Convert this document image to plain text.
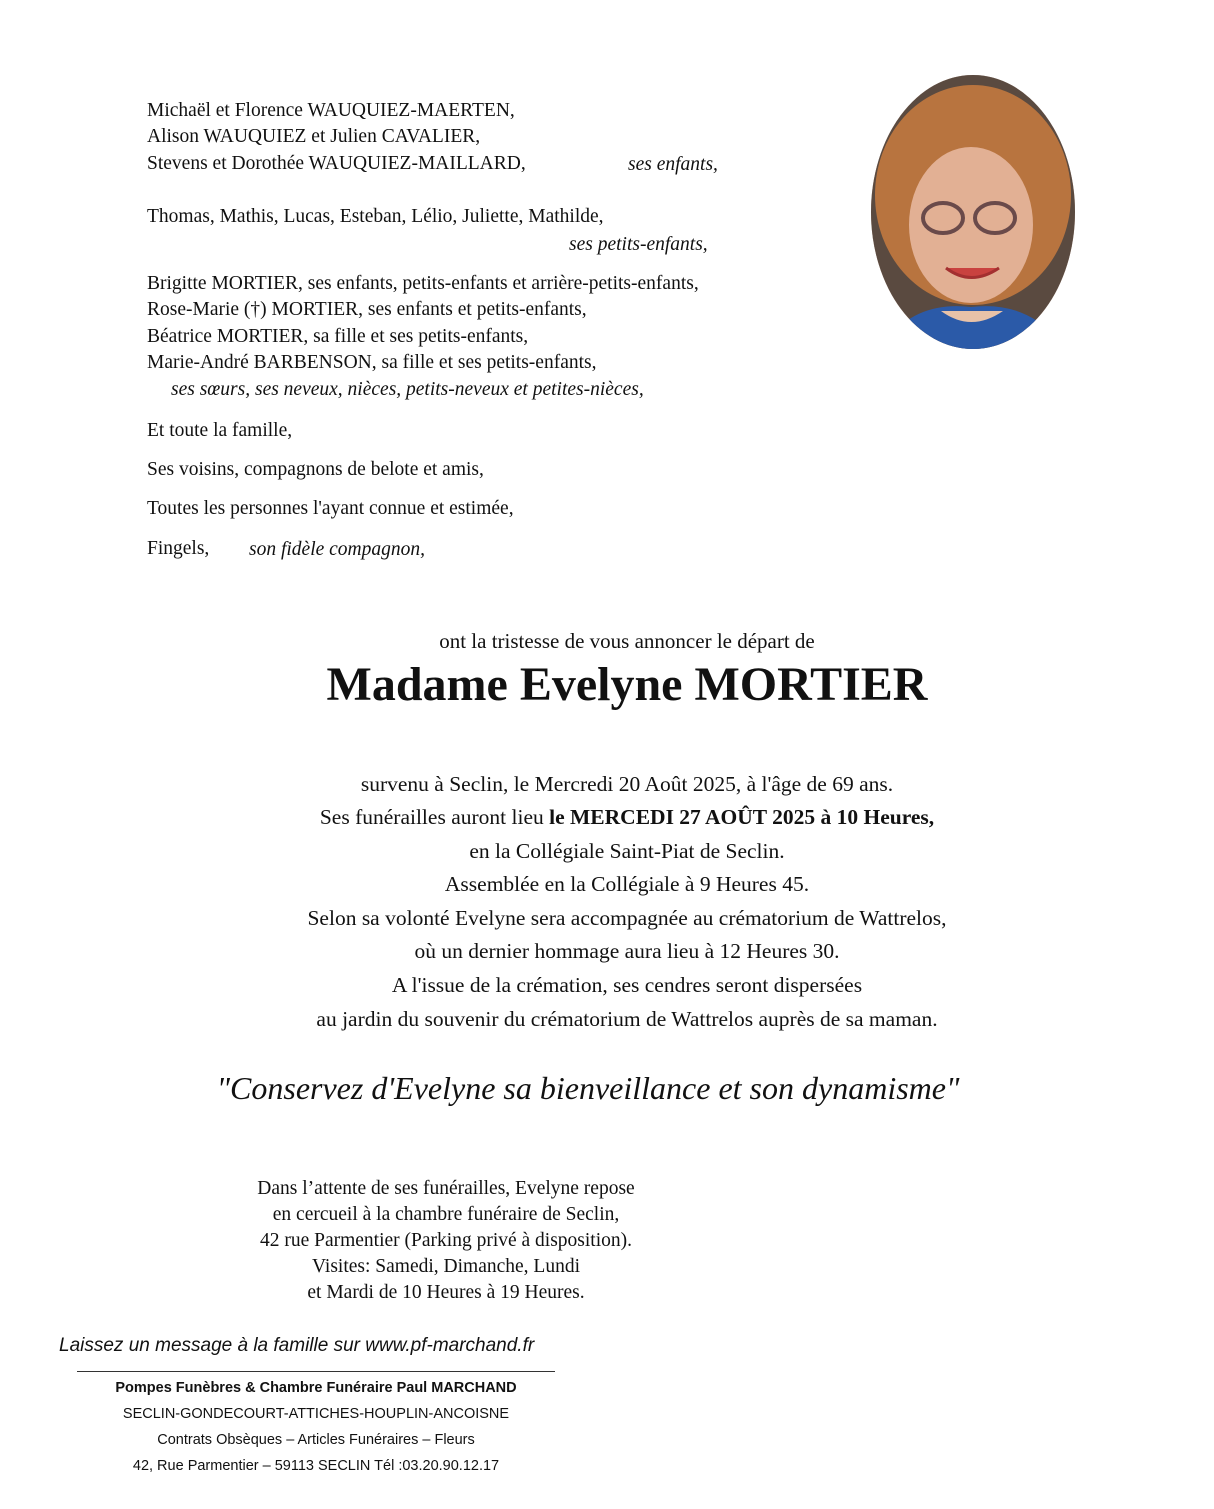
Michaël et Florence WAUQUIEZ-MAERTEN,
Alison WAUQUIEZ et Julien CAVALIER,
Stevens et Dorothée WAUQUIEZ-MAILLARD,	ses enfants,
Thomas, Mathis, Lucas, Esteban, Lélio, Juliette, Mathilde,
ses petits-enfants,
Brigitte MORTIER, ses enfants, petits-enfants et arrière-petits-enfants,
Rose-Marie (†) MORTIER, ses enfants et petits-enfants,
Béatrice MORTIER, sa fille et ses petits-enfants,
Marie-André BARBENSON, sa fille et ses petits-enfants,
ses sœurs, ses neveux, nièces, petits-neveux et petites-nièces,
Et toute la famille,
Ses voisins, compagnons de belote et amis,
Toutes les personnes l'ayant connue et estimée,
Fingels, son fidèle compagnon,
ont la tristesse de vous annoncer le départ de
Madame Evelyne MORTIER
survenu à Seclin, le Mercredi 20 Août 2025, à l'âge de 69 ans.
Ses funérailles auront lieu le MERCEDI 27 AOÛT 2025 à 10 Heures,
en la Collégiale Saint-Piat de Seclin.
Assemblée en la Collégiale à 9 Heures 45.
Selon sa volonté Evelyne sera accompagnée au crématorium de Wattrelos,
où un dernier hommage aura lieu à 12 Heures 30.
A l'issue de la crémation, ses cendres seront dispersées
au jardin du souvenir du crématorium de Wattrelos auprès de sa maman.
"Conservez d'Evelyne sa bienveillance et son dynamisme"
Dans l’attente de ses funérailles, Evelyne repose
en cercueil à la chambre funéraire de Seclin,
42 rue Parmentier (Parking privé à disposition).
Visites: Samedi, Dimanche, Lundi
et Mardi de 10 Heures à 19 Heures.
Laissez un message à la famille sur www.pf-marchand.fr
Pompes Funèbres & Chambre Funéraire Paul MARCHAND
SECLIN-GONDECOURT-ATTICHES-HOUPLIN-ANCOISNE
Contrats Obsèques – Articles Funéraires – Fleurs
42, Rue Parmentier – 59113 SECLIN Tél :03.20.90.12.17
